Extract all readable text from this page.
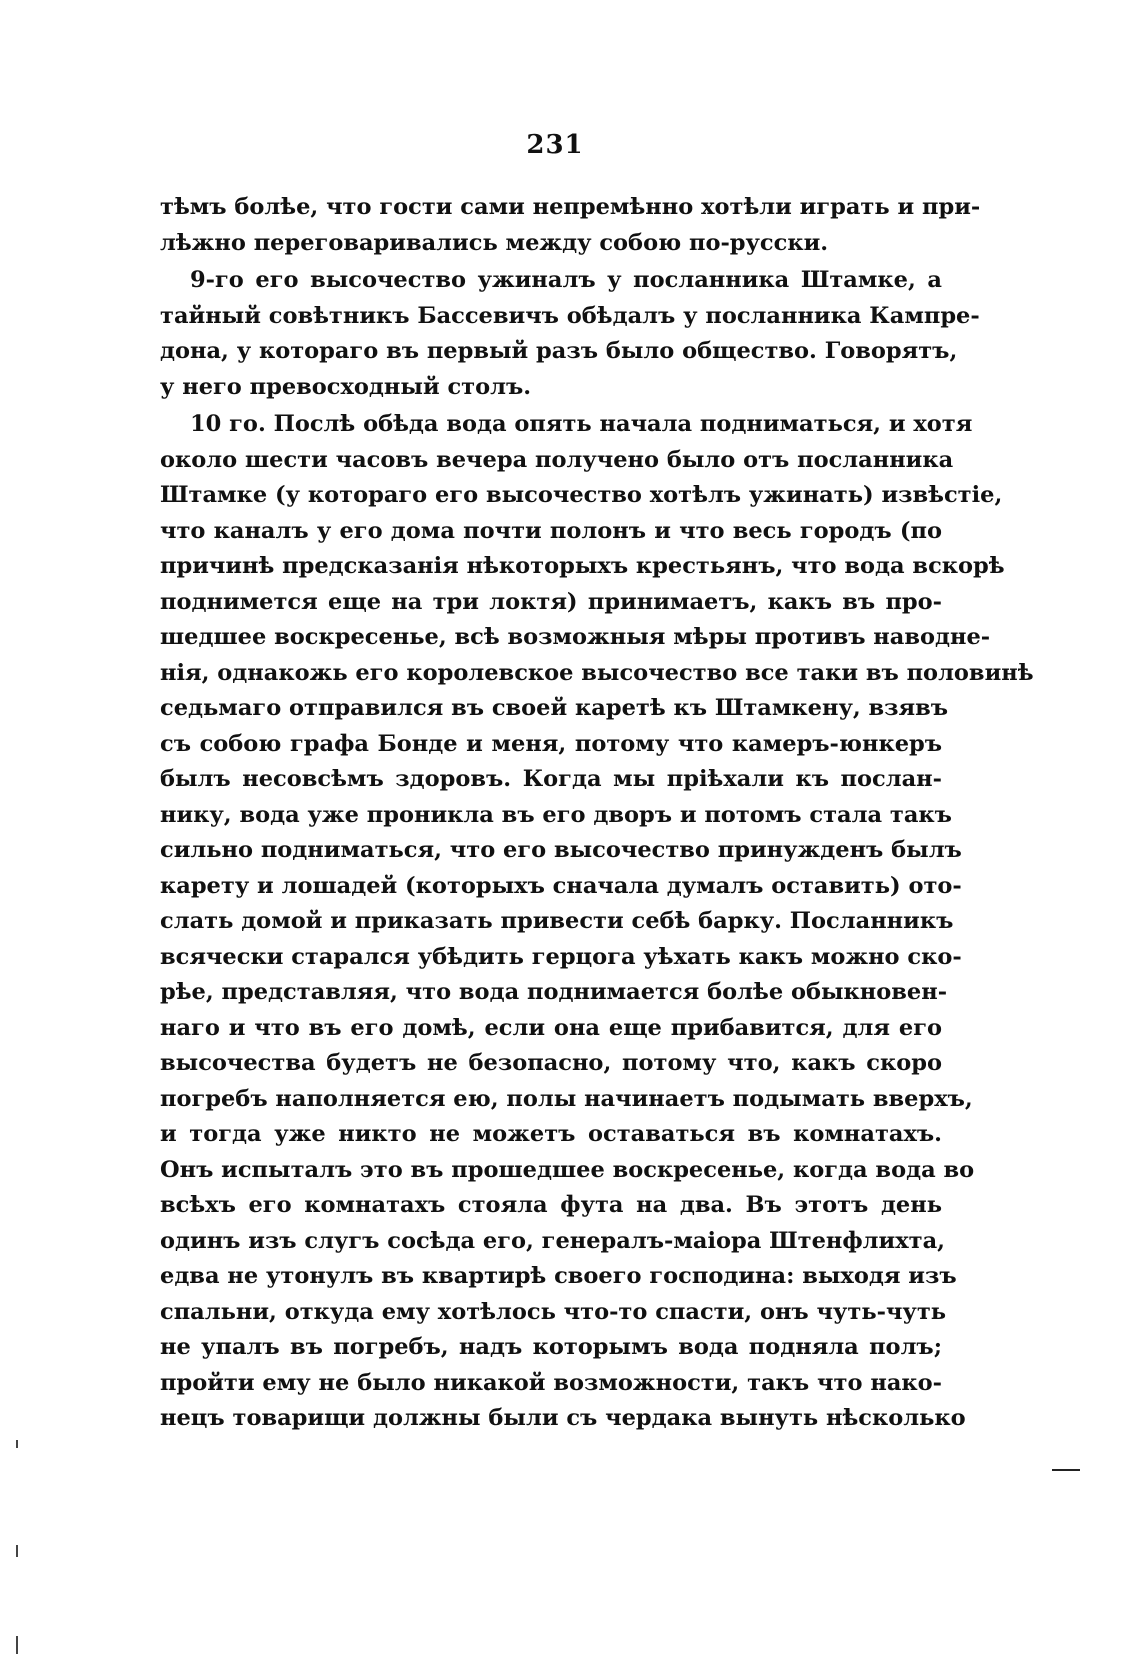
231
тѣмъ болѣе, что гости сами непремѣнно хотѣли играть и при-
лѣжно переговаривались между собою по-русски.
9-го его высочество ужиналъ у посланника Штамке, а
тайный совѣтникъ Бассевичъ обѣдалъ у посланника Кампре-
дона, у котораго въ первый разъ было общество. Говорятъ,
у него превосходный столъ.
10 го. Послѣ обѣда вода опять начала подниматься, и хотя
около шести часовъ вечера получено было отъ посланника
Штамке (у котораго его высочество хотѣлъ ужинать) извѣстіе,
что каналъ у его дома почти полонъ и что весь городъ (по
причинѣ предсказанія нѣкоторыхъ крестьянъ, что вода вскорѣ
поднимется еще на три локтя) принимаетъ, какъ въ про-
шедшее воскресенье, всѣ возможныя мѣры противъ наводне-
нія, однакожь его королевское высочество все таки въ половинѣ
седьмаго отправился въ своей каретѣ къ Штамкену, взявъ
съ собою графа Бонде и меня, потому что камеръ-юнкеръ
былъ несовсѣмъ здоровъ. Когда мы пріѣхали къ послан-
нику, вода уже проникла въ его дворъ и потомъ стала такъ
сильно подниматься, что его высочество принужденъ былъ
карету и лошадей (которыхъ сначала думалъ оставить) ото-
слать домой и приказать привести себѣ барку. Посланникъ
всячески старался убѣдить герцога уѣхать какъ можно ско-
рѣе, представляя, что вода поднимается болѣе обыкновен-
наго и что въ его домѣ, если она еще прибавится, для его
высочества будетъ не безопасно, потому что, какъ скоро
погребъ наполняется ею, полы начинаетъ подымать вверхъ,
и тогда уже никто не можетъ оставаться въ комнатахъ.
Онъ испыталъ это въ прошедшее воскресенье, когда вода во
всѣхъ его комнатахъ стояла фута на два. Въ этотъ день
одинъ изъ слугъ сосѣда его, генералъ-маіора Штенфлихта,
едва не утонулъ въ квартирѣ своего господина: выходя изъ
спальни, откуда ему хотѣлось что-то спасти, онъ чуть-чуть
не упалъ въ погребъ, надъ которымъ вода подняла полъ;
пройти ему не было никакой возможности, такъ что нако-
нецъ товарищи должны были съ чердака вынуть нѣсколько
